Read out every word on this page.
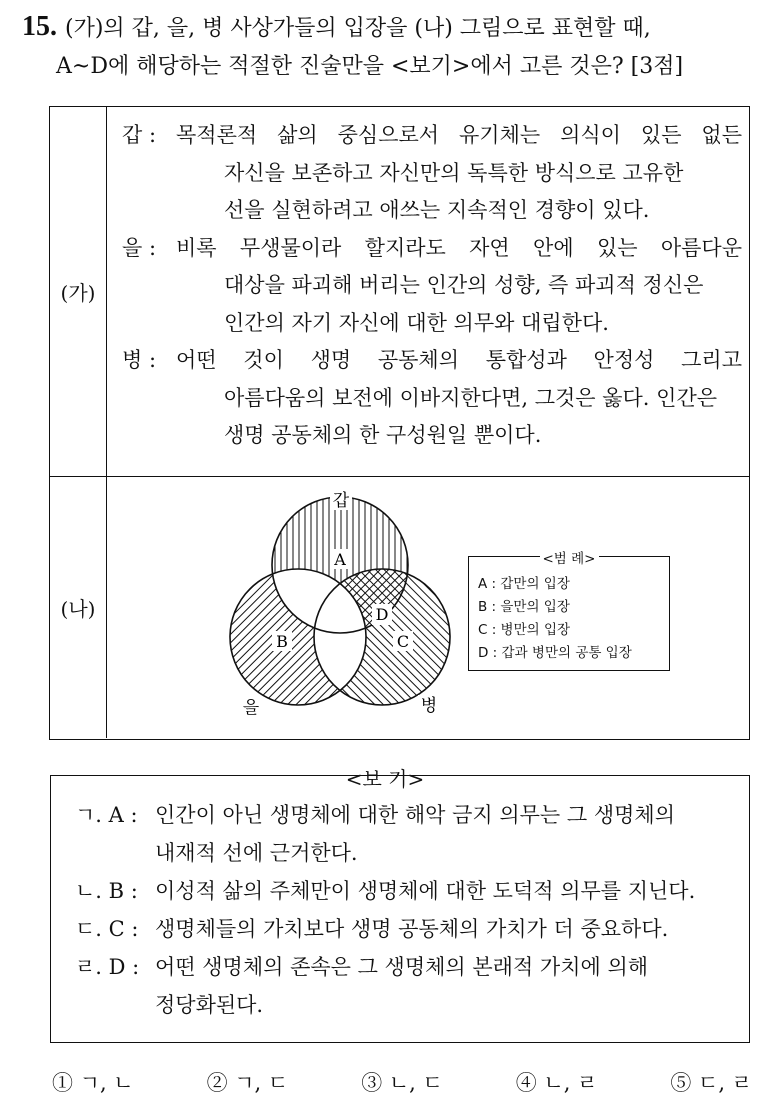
15. (가)의 갑, 을, 병 사상가들의 입장을 (나) 그림으로 표현할 때,
A~D에 해당하는 적절한 진술만을 <보기>에서 고른 것은? [3점]
(가)
갑 : 목적론적 삶의 중심으로서 유기체는 의식이 있든 없든
자신을 보존하고 자신만의 독특한 방식으로 고유한
선을 실현하려고 애쓰는 지속적인 경향이 있다.
을 : 비록 무생물이라 할지라도 자연 안에 있는 아름다운
대상을 파괴해 버리는 인간의 성향, 즉 파괴적 정신은
인간의 자기 자신에 대한 의무와 대립한다.
병 : 어떤 것이 생명 공동체의 통합성과 안정성 그리고
아름다움의 보전에 이바지한다면, 그것은 옳다. 인간은
생명 공동체의 한 구성원일 뿐이다.
(나)
갑
A
D
B	C
을	병
<범 례>
A : 갑만의 입장
B : 을만의 입장
C : 병만의 입장
D : 갑과 병만의 공통 입장
<보 기>
ㄱ. A : 인간이 아닌 생명체에 대한 해악 금지 의무는 그 생명체의
내재적 선에 근거한다.
ㄴ. B : 이성적 삶의 주체만이 생명체에 대한 도덕적 의무를 지닌다.
ㄷ. C : 생명체들의 가치보다 생명 공동체의 가치가 더 중요하다.
ㄹ. D : 어떤 생명체의 존속은 그 생명체의 본래적 가치에 의해
정당화된다.
① ㄱ, ㄴ	② ㄱ, ㄷ	③ ㄴ, ㄷ	④ ㄴ, ㄹ	⑤ ㄷ, ㄹ
